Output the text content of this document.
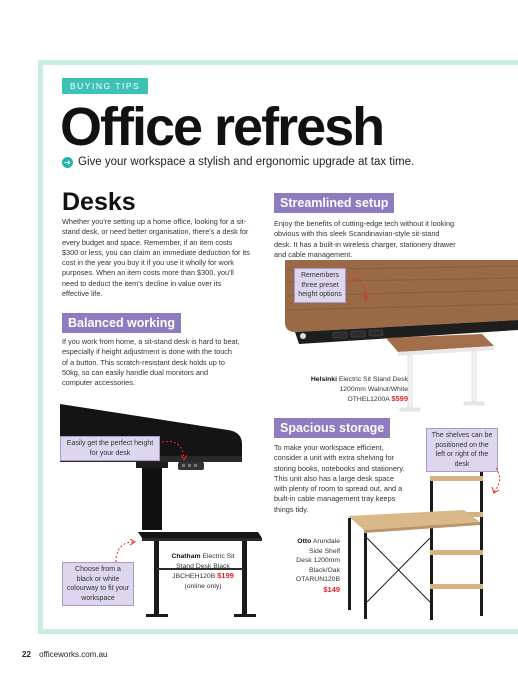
BUYING TIPS
Office refresh
➜ Give your workspace a stylish and ergonomic upgrade at tax time.
Desks
Whether you're setting up a home office, looking for a sit-stand desk, or need better organisation, there's a desk for every budget and space. Remember, if an item costs $300 or less, you can claim an immediate deduction for its cost in the year you buy it if you use it wholly for work purposes. When an item costs more than $300, you'll need to deduct the item's decline in value over its effective life.
Balanced working
If you work from home, a sit-stand desk is hard to beat, especially if height adjustment is done with the touch of a button. This scratch-resistant desk holds up to 50kg, so can easily handle dual monitors and computer accessories.
Easily get the perfect height for your desk
Choose from a black or white colourway to fit your workspace
Chatham Electric Sit Stand Desk Black
JBCHEH120B $199
(online only)
Streamlined setup
Enjoy the benefits of cutting-edge tech without it looking obvious with this sleek Scandinavian-style sit-stand desk. It has a built-in wireless charger, stationery drawer and cable management.
Remembers three preset height options
Helsinki Electric Sit Stand Desk 1200mm Walnut/White
OTHEL1200A $599
Spacious storage
To make your workspace efficient, consider a unit with extra shelving for storing books, notebooks and stationery. This unit also has a large desk space with plenty of room to spread out, and a built-in cable management tray keeps things tidy.
The shelves can be positioned on the left or right of the desk
Otto Arundale Side Shelf Desk 1200mm Black/Oak
OTARUN120B
$149
22 officeworks.com.au
